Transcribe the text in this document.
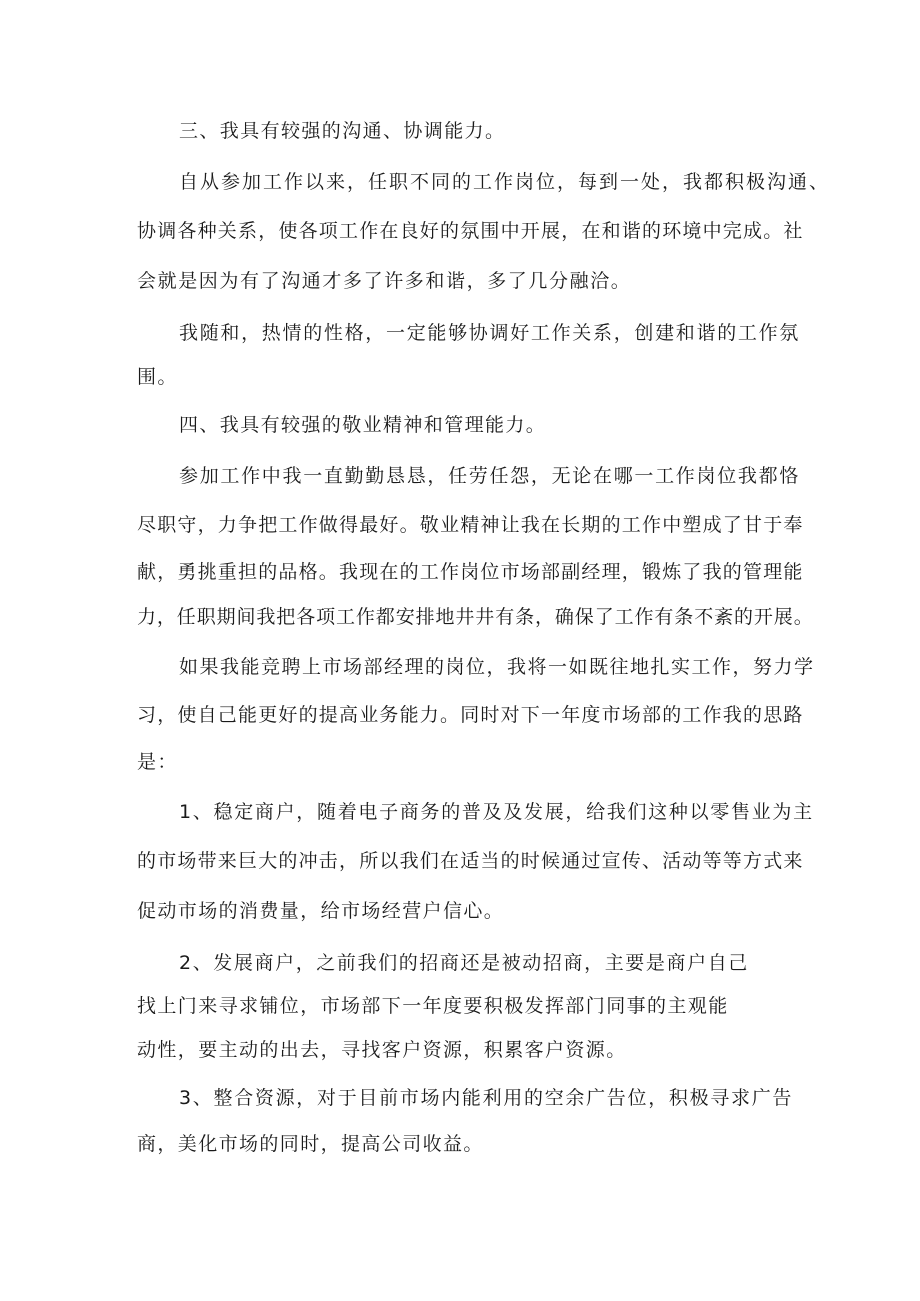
三、我具有较强的沟通、协调能力。
自从参加工作以来，任职不同的工作岗位，每到一处，我都积极沟通、
协调各种关系，使各项工作在良好的氛围中开展，在和谐的环境中完成。社
会就是因为有了沟通才多了许多和谐，多了几分融洽。
我随和，热情的性格，一定能够协调好工作关系，创建和谐的工作氛
围。
四、我具有较强的敬业精神和管理能力。
参加工作中我一直勤勤恳恳，任劳任怨，无论在哪一工作岗位我都恪
尽职守，力争把工作做得最好。敬业精神让我在长期的工作中塑成了甘于奉
献，勇挑重担的品格。我现在的工作岗位市场部副经理，锻炼了我的管理能
力，任职期间我把各项工作都安排地井井有条，确保了工作有条不紊的开展。
如果我能竞聘上市场部经理的岗位，我将一如既往地扎实工作，努力学
习，使自己能更好的提高业务能力。同时对下一年度市场部的工作我的思路
是：
1、稳定商户，随着电子商务的普及及发展，给我们这种以零售业为主
的市场带来巨大的冲击，所以我们在适当的时候通过宣传、活动等等方式来
促动市场的消费量，给市场经营户信心。
2、发展商户，之前我们的招商还是被动招商，主要是商户自己
找上门来寻求铺位，市场部下一年度要积极发挥部门同事的主观能
动性，要主动的出去，寻找客户资源，积累客户资源。
3、整合资源，对于目前市场内能利用的空余广告位，积极寻求广告
商，美化市场的同时，提高公司收益。
